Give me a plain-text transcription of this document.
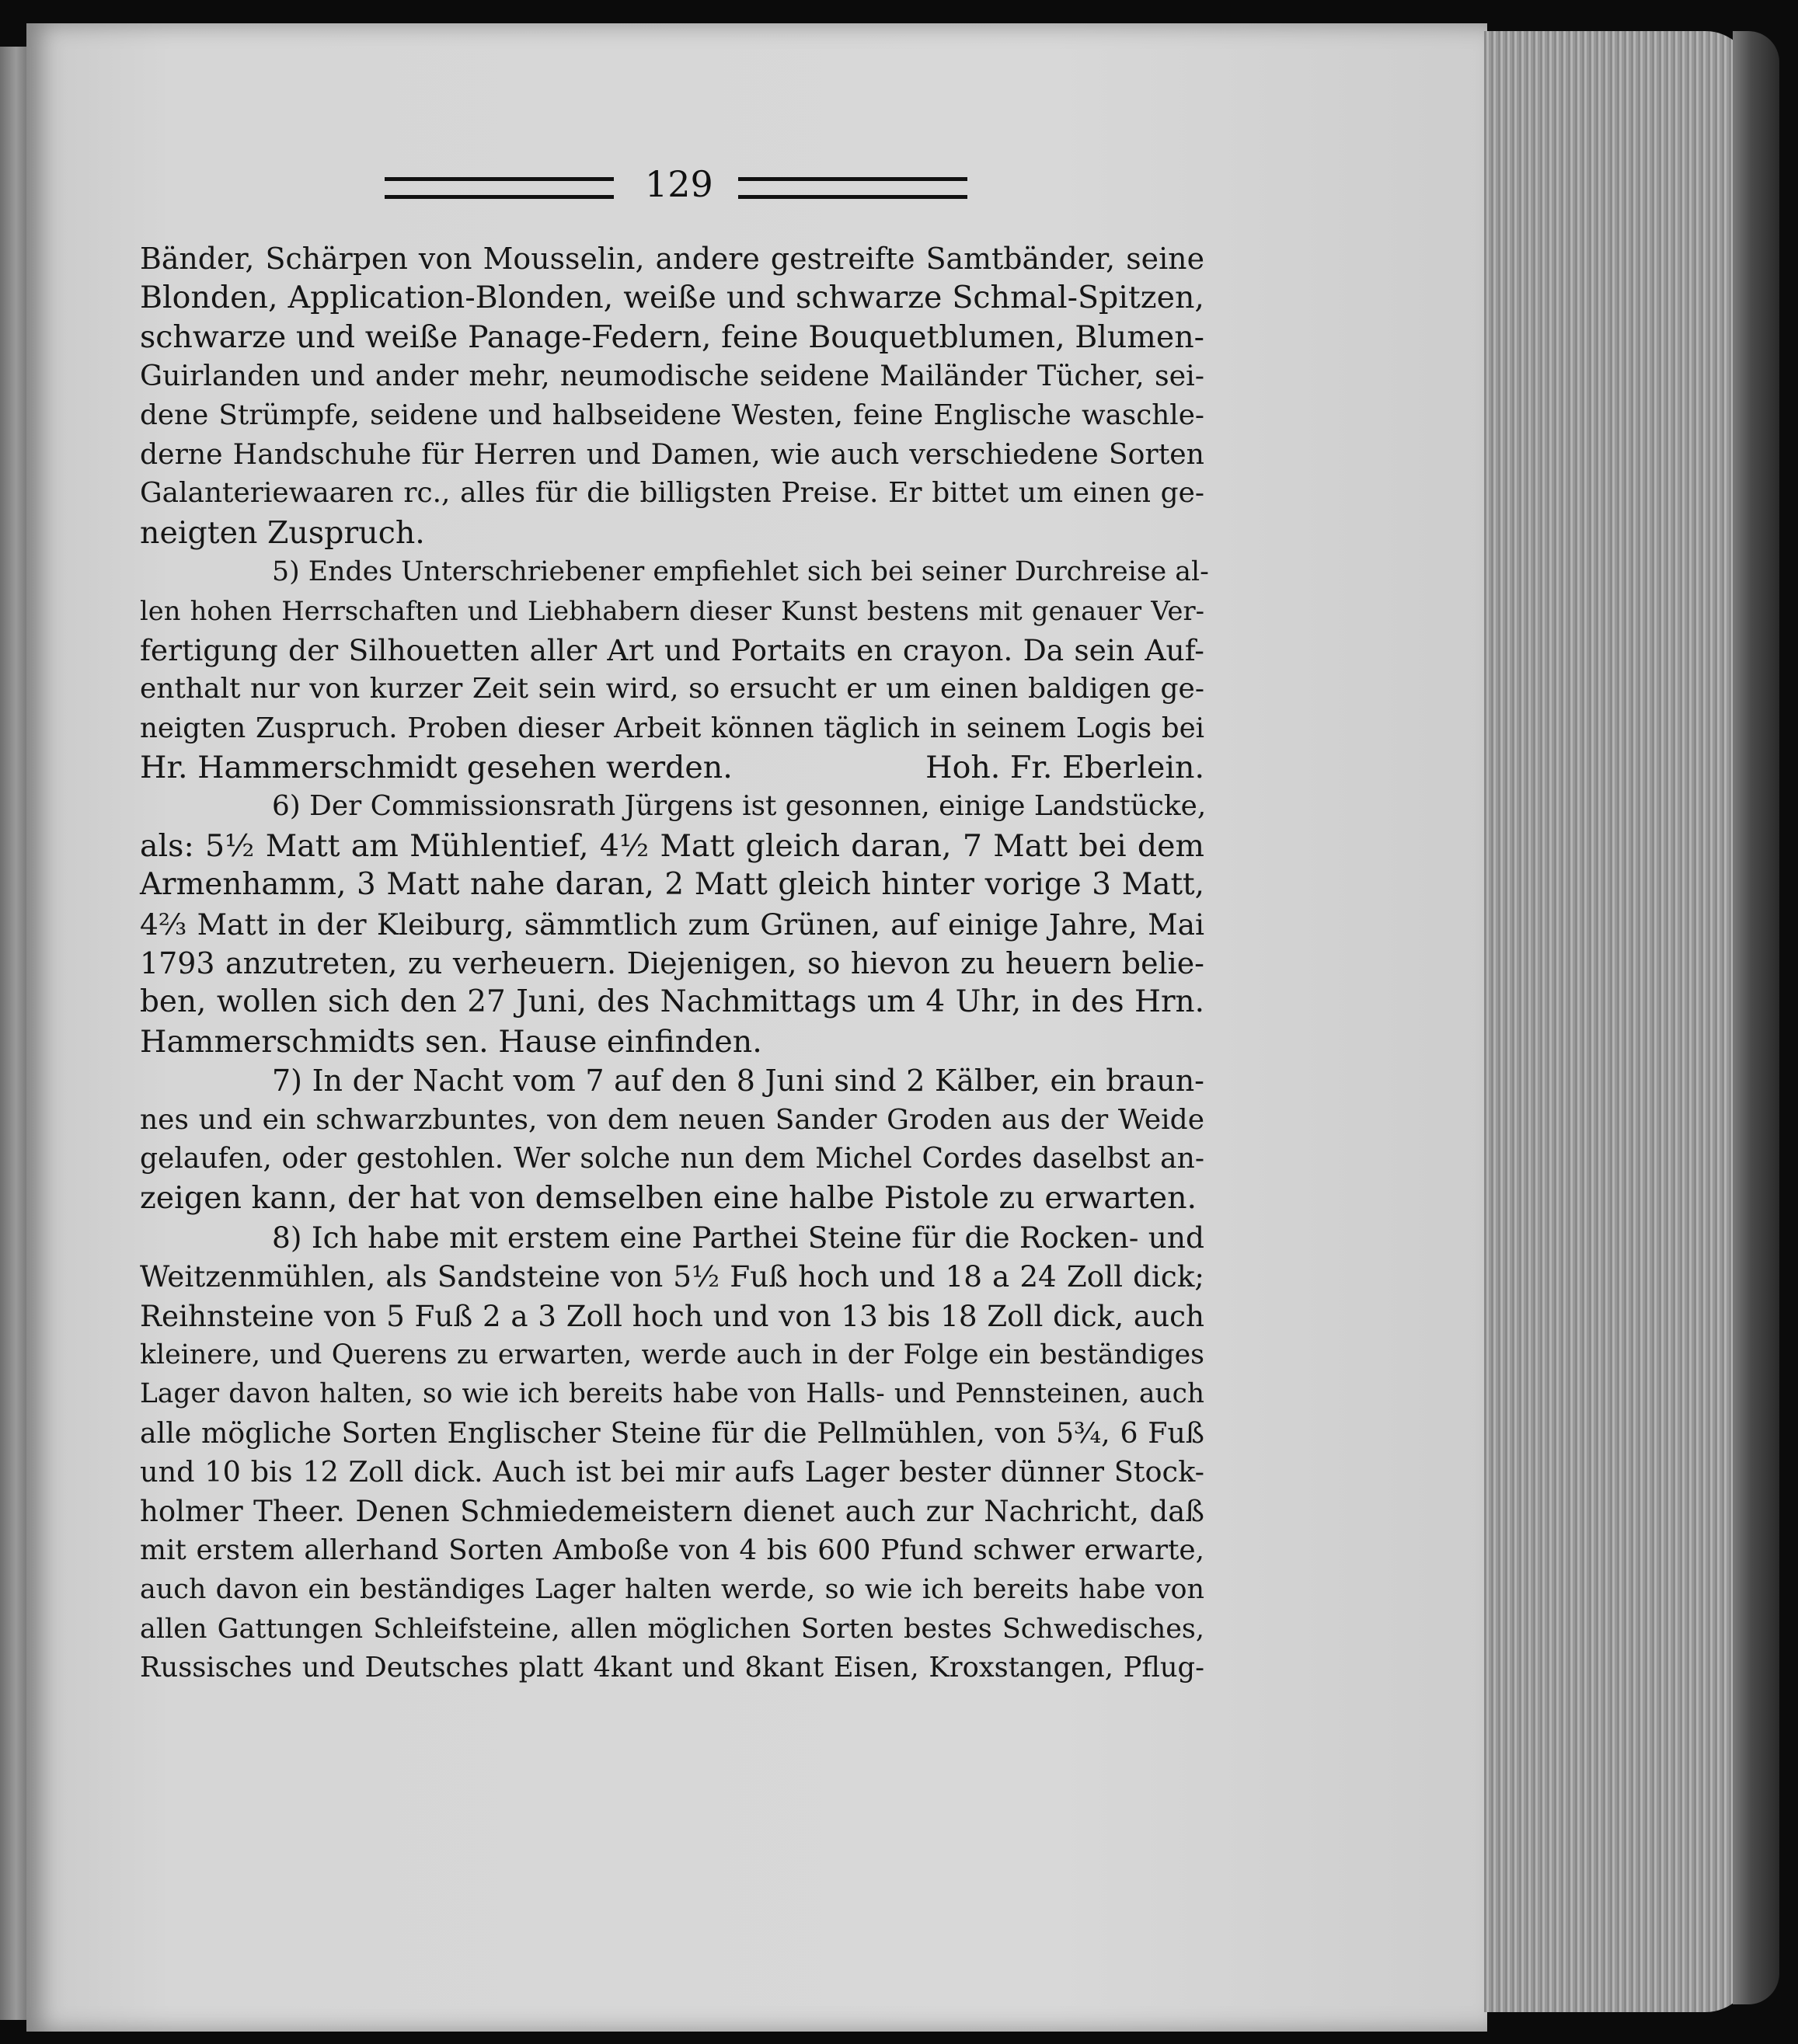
129
Bänder, Schärpen von Mousselin, andere gestreifte Samtbänder, seine
Blonden, Application-Blonden, weiße und schwarze Schmal-Spitzen,
schwarze und weiße Panage-Federn, feine Bouquetblumen, Blumen-
Guirlanden und ander mehr, neumodische seidene Mailänder Tücher, sei-
dene Strümpfe, seidene und halbseidene Westen, feine Englische waschle-
derne Handschuhe für Herren und Damen, wie auch verschiedene Sorten
Galanteriewaaren rc., alles für die billigsten Preise. Er bittet um einen ge-
neigten Zuspruch.
5) Endes Unterschriebener empfiehlet sich bei seiner Durchreise al-
len hohen Herrschaften und Liebhabern dieser Kunst bestens mit genauer Ver-
fertigung der Silhouetten aller Art und Portaits en crayon. Da sein Auf-
enthalt nur von kurzer Zeit sein wird, so ersucht er um einen baldigen ge-
neigten Zuspruch. Proben dieser Arbeit können täglich in seinem Logis bei
Hr. Hammerschmidt gesehen werden.	Hoh. Fr. Eberlein.
6) Der Commissionsrath Jürgens ist gesonnen, einige Landstücke,
als: 5½ Matt am Mühlentief, 4½ Matt gleich daran, 7 Matt bei dem
Armenhamm, 3 Matt nahe daran, 2 Matt gleich hinter vorige 3 Matt,
4⅔ Matt in der Kleiburg, sämmtlich zum Grünen, auf einige Jahre, Mai
1793 anzutreten, zu verheuern. Diejenigen, so hievon zu heuern belie-
ben, wollen sich den 27 Juni, des Nachmittags um 4 Uhr, in des Hrn.
Hammerschmidts sen. Hause einfinden.
7) In der Nacht vom 7 auf den 8 Juni sind 2 Kälber, ein braun-
nes und ein schwarzbuntes, von dem neuen Sander Groden aus der Weide
gelaufen, oder gestohlen. Wer solche nun dem Michel Cordes daselbst an-
zeigen kann, der hat von demselben eine halbe Pistole zu erwarten.
8) Ich habe mit erstem eine Parthei Steine für die Rocken- und
Weitzenmühlen, als Sandsteine von 5½ Fuß hoch und 18 a 24 Zoll dick;
Reihnsteine von 5 Fuß 2 a 3 Zoll hoch und von 13 bis 18 Zoll dick, auch
kleinere, und Querens zu erwarten, werde auch in der Folge ein beständiges
Lager davon halten, so wie ich bereits habe von Halls- und Pennsteinen, auch
alle mögliche Sorten Englischer Steine für die Pellmühlen, von 5¾, 6 Fuß
und 10 bis 12 Zoll dick. Auch ist bei mir aufs Lager bester dünner Stock-
holmer Theer. Denen Schmiedemeistern dienet auch zur Nachricht, daß
mit erstem allerhand Sorten Amboße von 4 bis 600 Pfund schwer erwarte,
auch davon ein beständiges Lager halten werde, so wie ich bereits habe von
allen Gattungen Schleifsteine, allen möglichen Sorten bestes Schwedisches,
Russisches und Deutsches platt 4kant und 8kant Eisen, Kroxstangen, Pflug-
